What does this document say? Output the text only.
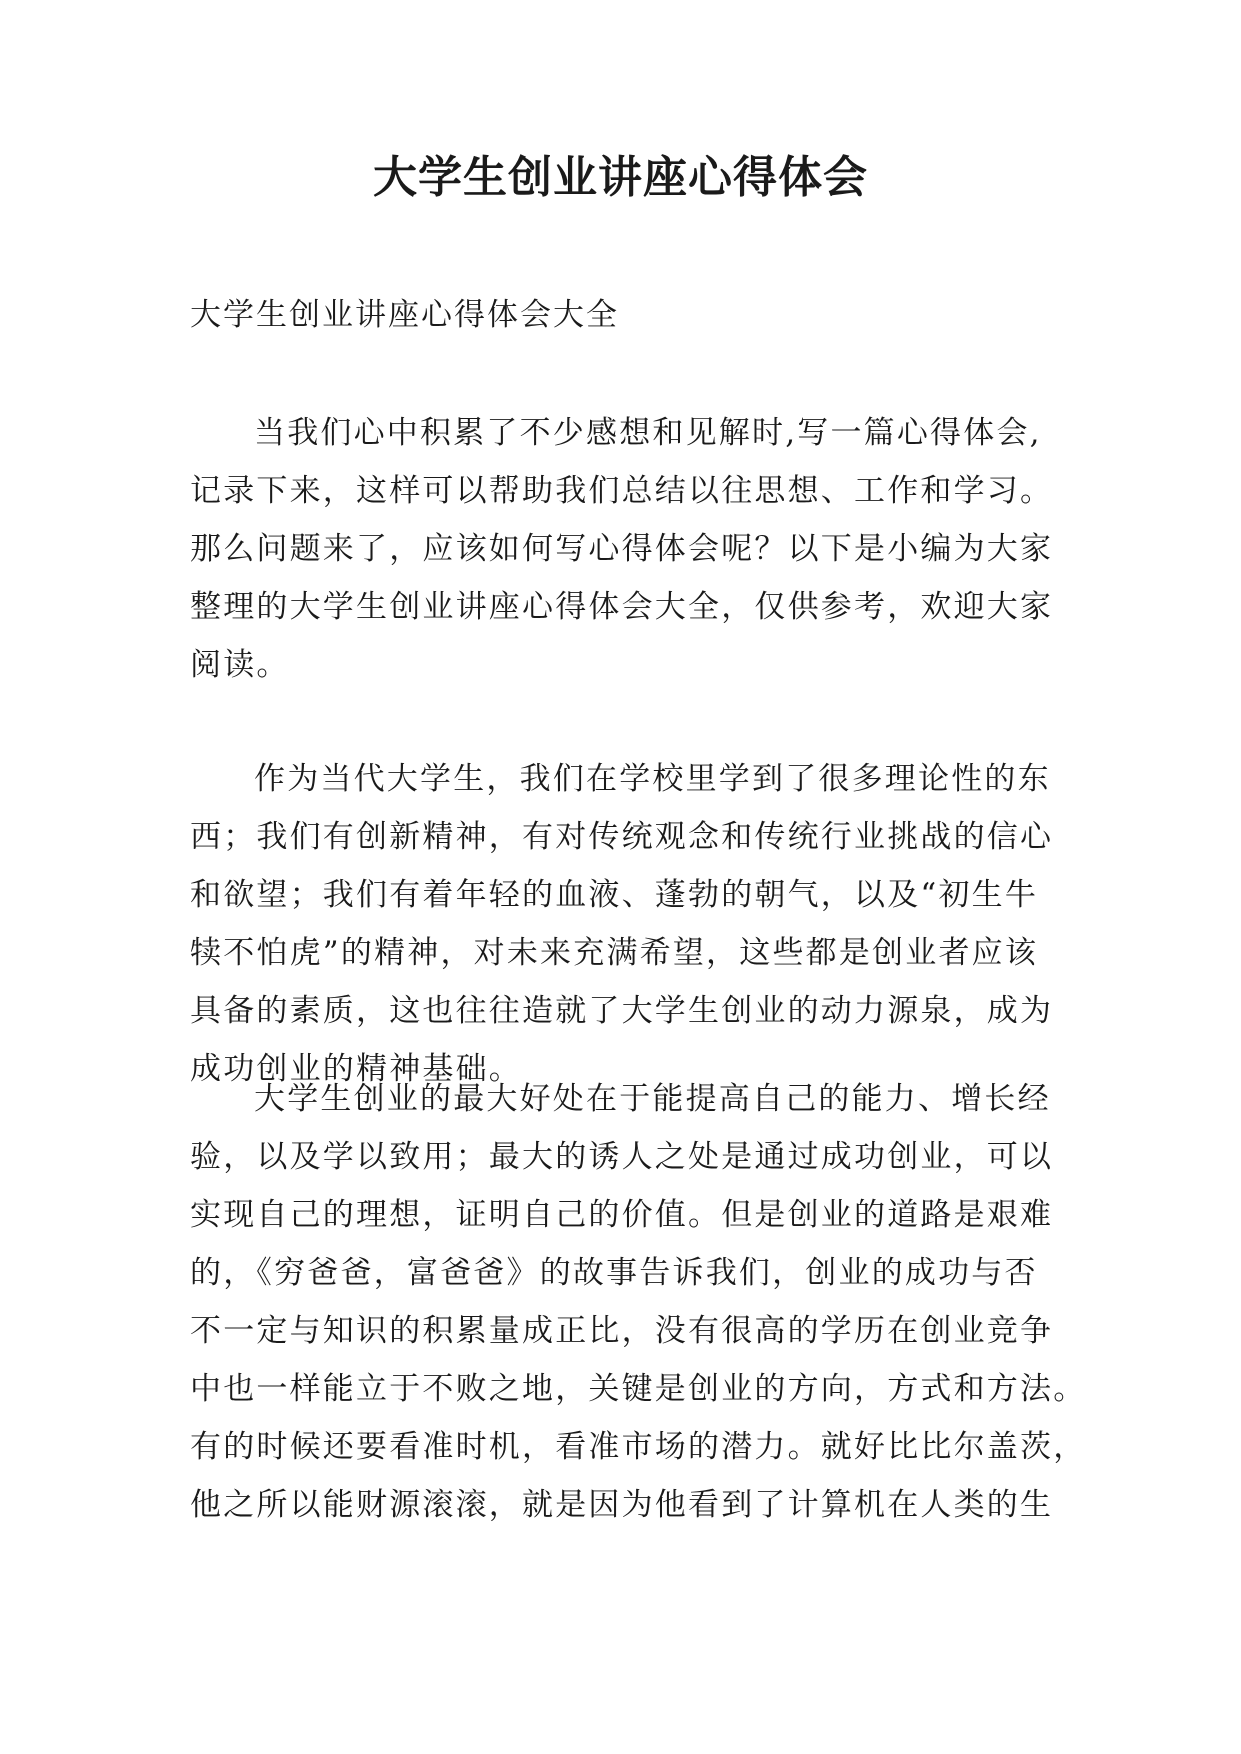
大学生创业讲座心得体会
大学生创业讲座心得体会大全
当我们心中积累了不少感想和见解时,写一篇心得体会,
记录下来，这样可以帮助我们总结以往思想、工作和学习。
那么问题来了，应该如何写心得体会呢？以下是小编为大家
整理的大学生创业讲座心得体会大全，仅供参考，欢迎大家
阅读。
作为当代大学生，我们在学校里学到了很多理论性的东
西；我们有创新精神，有对传统观念和传统行业挑战的信心
和欲望；我们有着年轻的血液、蓬勃的朝气，以及“初生牛
犊不怕虎”的精神，对未来充满希望，这些都是创业者应该
具备的素质，这也往往造就了大学生创业的动力源泉，成为
成功创业的精神基础。
大学生创业的最大好处在于能提高自己的能力、增长经
验，以及学以致用；最大的诱人之处是通过成功创业，可以
实现自己的理想，证明自己的价值。但是创业的道路是艰难
的，《穷爸爸，富爸爸》的故事告诉我们，创业的成功与否
不一定与知识的积累量成正比，没有很高的学历在创业竞争
中也一样能立于不败之地，关键是创业的方向，方式和方法。
有的时候还要看准时机，看准市场的潜力。就好比比尔盖茨，
他之所以能财源滚滚，就是因为他看到了计算机在人类的生
